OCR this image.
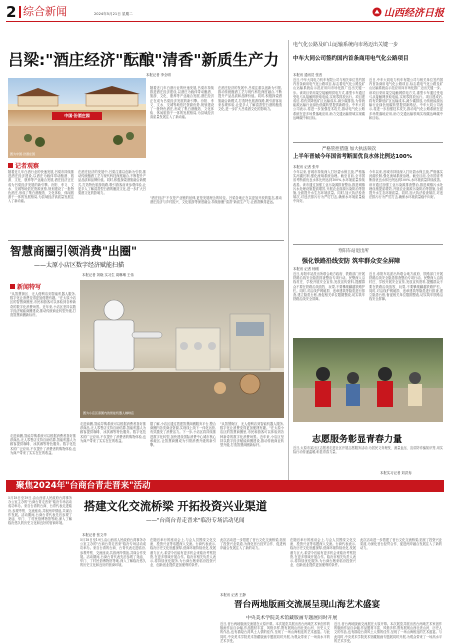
2 综合新闻	2024年5月21日 星期二	山西经济日报
吕梁:"酒庄经济"酝酿"清香"新质生产力
本报记者 李全明
中国·汾酒庄园
图为中国·汾酒庄园
记者观察
随着近几年白酒行业的快速发展,吕梁市持续推进酒庄经济建设,以酒庄为载体带动酿酒、旅游、文化、康养等产业融合发展,酒庄经济正在成为吕梁经济发展的新引擎。汾阳、孝义、文水、交城等地依托资源优势,规划建设了一批特色酒庄,形成了集白酒酿造、文化体验、休闲旅游于一体的发展格局,为县域经济高质量发展注入了新动能。
在酒庄经济的发展中,吕梁注重以创新为引领,推动传统酿酒工艺与现代科技深度融合,不断提升产品品质和品牌价值。同时,积极探索酒旅融合新模式,打造特色旅游线路,吸引游客前来参观体验,让更多人了解清香型白酒的酿造文化,进一步扩大吕梁酒文化的影响力。
随着近几年白酒行业的快速发展,吕梁市持续推进酒庄经济建设,以酒庄为载体带动酿酒、旅游、文化、康养等产业融合发展,酒庄经济正在成为吕梁经济发展的新引擎。汾阳、孝义、文水、交城等地依托资源优势,规划建设了一批特色酒庄,形成了集白酒酿造、文化体验、休闲旅游于一体的发展格局,为县域经济高质量发展注入了新动能。
在酒庄经济的发展中,吕梁注重以创新为引领,推动传统酿酒工艺与现代科技深度融合,不断提升产品品质和品牌价值。同时,积极探索酒旅融合新模式,打造特色旅游线路,吸引游客前来参观体验,让更多人了解清香型白酒的酿造文化,进一步扩大吕梁酒文化的影响力。
"酒庄经济"不仅是产业链的延伸,更是发展理念的转变。吕梁各地正在以更加开放的姿态,推动酒庄经济与乡村振兴、文化旅游等深度融合,持续酝酿"清香"新质生产力,让酒香飘得更远。
智慧商圈引领消费"出圈"
——太原小店区数字经济赋能扫描
新闻特写
本报记者 刘晓 实习生 周琳琳 王伟
"从智慧街区、无人便利店到智能机器人服务,数字化让消费变得更加便捷有趣。"在太原小店区的智慧商圈里,市民和游客可以体验到各种新奇的数字化消费场景。近年来,小店区坚持以数字经济赋能商圈建设,推动传统商业转型升级,打造智慧商圈新标杆。
走进商圈,智能导购系统可以根据消费者喜好推荐商品,无人零售店支持自助结算,智能机器人为顾客提供咖啡、冰淇淋等特色服务。数字化技术的广泛应用,不仅提升了消费者的购物体验,也为商户带来了实实在在的收益。
图为小店区商圈内的智能机器人咖啡店
走进商圈,智能导购系统可以根据消费者喜好推荐商品,无人零售店支持自助结算,智能机器人为顾客提供咖啡、冰淇淋等特色服务。数字化技术的广泛应用,不仅提升了消费者的购物体验,也为商户带来了实实在在的收益。
据了解,小店区通过搭建智慧商圈服务平台,整合商圈内各类商业资源,实现线上线下一体化运营,有效激发了消费活力。下一步,小店区将持续推进数字化转型,加快建设国际消费中心城市核心承载区,让智慧商圈成为引领消费升级的新引擎。
"从智慧街区、无人便利店到智能机器人服务,数字化让消费变得更加便捷有趣。"在太原小店区的智慧商圈里,市民和游客可以体验到各种新奇的数字化消费场景。近年来,小店区坚持以数字经济赋能商圈建设,推动传统商业转型升级,打造智慧商圈新标杆。
电气化公路及矿山运输系统向市场迈出关键一步
中车大同公司签约国内首条商用电气化公路项目
本报讯 通讯员 张晋
近日,中车大同电力机车有限公司与相关单位签约国内首条商用电气化公路项目,标志着电气化公路及矿山运输系统由示范应用向市场化推广迈出关键一步。该项目采用架空接触网供电方式,重型卡车通过受电弓从接触网获取电能,实现零排放运行。项目建成后,将有效降低矿区运输成本,减少碳排放,为传统能源运输行业绿色低碳转型提供新路径。中车大同公司表示,将进一步加强技术攻关,推动电气化公路系统在更多场景落地应用,助力交通运输领域实现碳达峰碳中和目标。
近日,中车大同电力机车有限公司与相关单位签约国内首条商用电气化公路项目,标志着电气化公路及矿山运输系统由示范应用向市场化推广迈出关键一步。该项目采用架空接触网供电方式,重型卡车通过受电弓从接触网获取电能,实现零排放运行。项目建成后,将有效降低矿区运输成本,减少碳排放,为传统能源运输行业绿色低碳转型提供新路径。中车大同公司表示,将进一步加强技术攻关,推动电气化公路系统在更多场景落地应用,助力交通运输领域实现碳达峰碳中和目标。
严格管控措施 加大执法频次
上半年晋城今年国省考断面优良水体比例达100%
本报讯 记者 张华
今年以来,晋城市持续深入打好碧水保卫战,严格落实河湖长制,强化流域系统治理。截至目前,全市国省考断面优良水体比例达到100%,水环境质量持续改善。该市通过加强工业污染源排查整治,推进城镇污水处理设施提质增效,开展农业面源污染防治等措施,全面提升水生态环境质量。同时,加大执法检查频次,对违法排污行为严厉打击,确保水环境质量稳中向好。
今年以来,晋城市持续深入打好碧水保卫战,严格落实河湖长制,强化流域系统治理。截至目前,全市国省考断面优良水体比例达到100%,水环境质量持续改善。该市通过加强工业污染源排查整治,推进城镇污水处理设施提质增效,开展农业面源污染防治等措施,全面提升水生态环境质量。同时,加大执法检查频次,对违法排污行为严厉打击,确保水环境质量稳中向好。
寿阳车站退出所
强化铁路沿线安防 筑牢群众安全屏障
本报讯 记者 杨刚
近日,寿阳车站派出所联合地方政府、铁路部门开展铁路沿线安全隐患排查整治专项行动。民警深入沿线村庄、学校开展安全宣传,发放宣传资料,提醒群众不要在铁路沿线放牧、玩耍,不要攀爬翻越铁路护栏。同时,对沿线护网破损、违章建筑等隐患进行排查,建立隐患台账,督促相关单位限期整改,切实筑牢铁路沿线安全屏障。
近日,寿阳车站派出所联合地方政府、铁路部门开展铁路沿线安全隐患排查整治专项行动。民警深入沿线村庄、学校开展安全宣传,发放宣传资料,提醒群众不要在铁路沿线放牧、玩耍,不要攀爬翻越铁路护栏。同时,对沿线护网破损、违章建筑等隐患进行排查,建立隐患台账,督促相关单位限期整改,切实筑牢铁路沿线安全屏障。
志愿服务彰显青春力量
近日,太原市某社区志愿者走进社区开展志愿服务活动,为居民义务理发、测量血压、宣讲防诈骗知识等,用实际行动传递温暖,彰显青春力量。
本报实习记者 刘洪寿
聚焦2024年"台商台青走晋来"活动
5月18日至19日,由山西省人民政府台湾事务办公室主办的"台商台青走晋来"临汾专场活动成功举办。来自台湾的台商、台青代表走进临汾,参观考察、交流座谈,共叙两岸情谊,共谋合作发展。活动期间,台商台青代表先后参观了尧庙、华门、丁村民俗博物馆等地,深入了解临汾悠久的历史文化和良好的营商环境。
搭建文化交流桥梁 开拓投资兴业渠道
——"台商台青走晋来"临汾专场活动见闻
本报记者 张文华
5月18日至19日,由山西省人民政府台湾事务办公室主办的"台商台青走晋来"临汾专场活动成功举办。来自台湾的台商、台青代表走进临汾,参观考察、交流座谈,共叙两岸情谊,共谋合作发展。活动期间,台商台青代表先后参观了尧庙、华门、丁村民俗博物馆等地,深入了解临汾悠久的历史文化和良好的营商环境。
在随后举行的座谈会上,与会人员围绕文化交流、投资兴业等话题深入交流。台商代表表示,临汾历史文化底蕴深厚,营商环境持续优化,发展潜力巨大,希望今后能有更多机会来临汾考察投资,在更多领域开展合作。临汾市相关负责人表示,将持续优化服务,为台商台胞来临汾投资兴业、创新创业提供更加便利的条件。
此次活动进一步搭建了晋台文化交流桥梁,拓宽了投资兴业渠道,为深化晋台经贸合作、促进两岸融合发展注入了新的动力。
在随后举行的座谈会上,与会人员围绕文化交流、投资兴业等话题深入交流。台商代表表示,临汾历史文化底蕴深厚,营商环境持续优化,发展潜力巨大,希望今后能有更多机会来临汾考察投资,在更多领域开展合作。临汾市相关负责人表示,将持续优化服务,为台商台胞来临汾投资兴业、创新创业提供更加便利的条件。
此次活动进一步搭建了晋台文化交流桥梁,拓宽了投资兴业渠道,为深化晋台经贸合作、促进两岸融合发展注入了新的动力。
晋台两地版画交流展呈现山海艺术盛宴
中央美术学院美术馆藏版画专题展同时开展
本报讯 记者 王静
近日,晋台两地版画交流展在太原开幕。本次展览共展出晋台两地艺术家创作的版画作品百余幅,作品题材丰富、风格多样,既有展现山西壮美山河、历史人文的作品,也有描绘台湾风土人情的佳作,呈现了一场山海相连的艺术盛宴。与此同时,中央美术学院美术馆藏版画专题展同时开展,为观众带来了一场高水平的艺术享受。
近日,晋台两地版画交流展在太原开幕。本次展览共展出晋台两地艺术家创作的版画作品百余幅,作品题材丰富、风格多样,既有展现山西壮美山河、历史人文的作品,也有描绘台湾风土人情的佳作,呈现了一场山海相连的艺术盛宴。与此同时,中央美术学院美术馆藏版画专题展同时开展,为观众带来了一场高水平的艺术享受。
